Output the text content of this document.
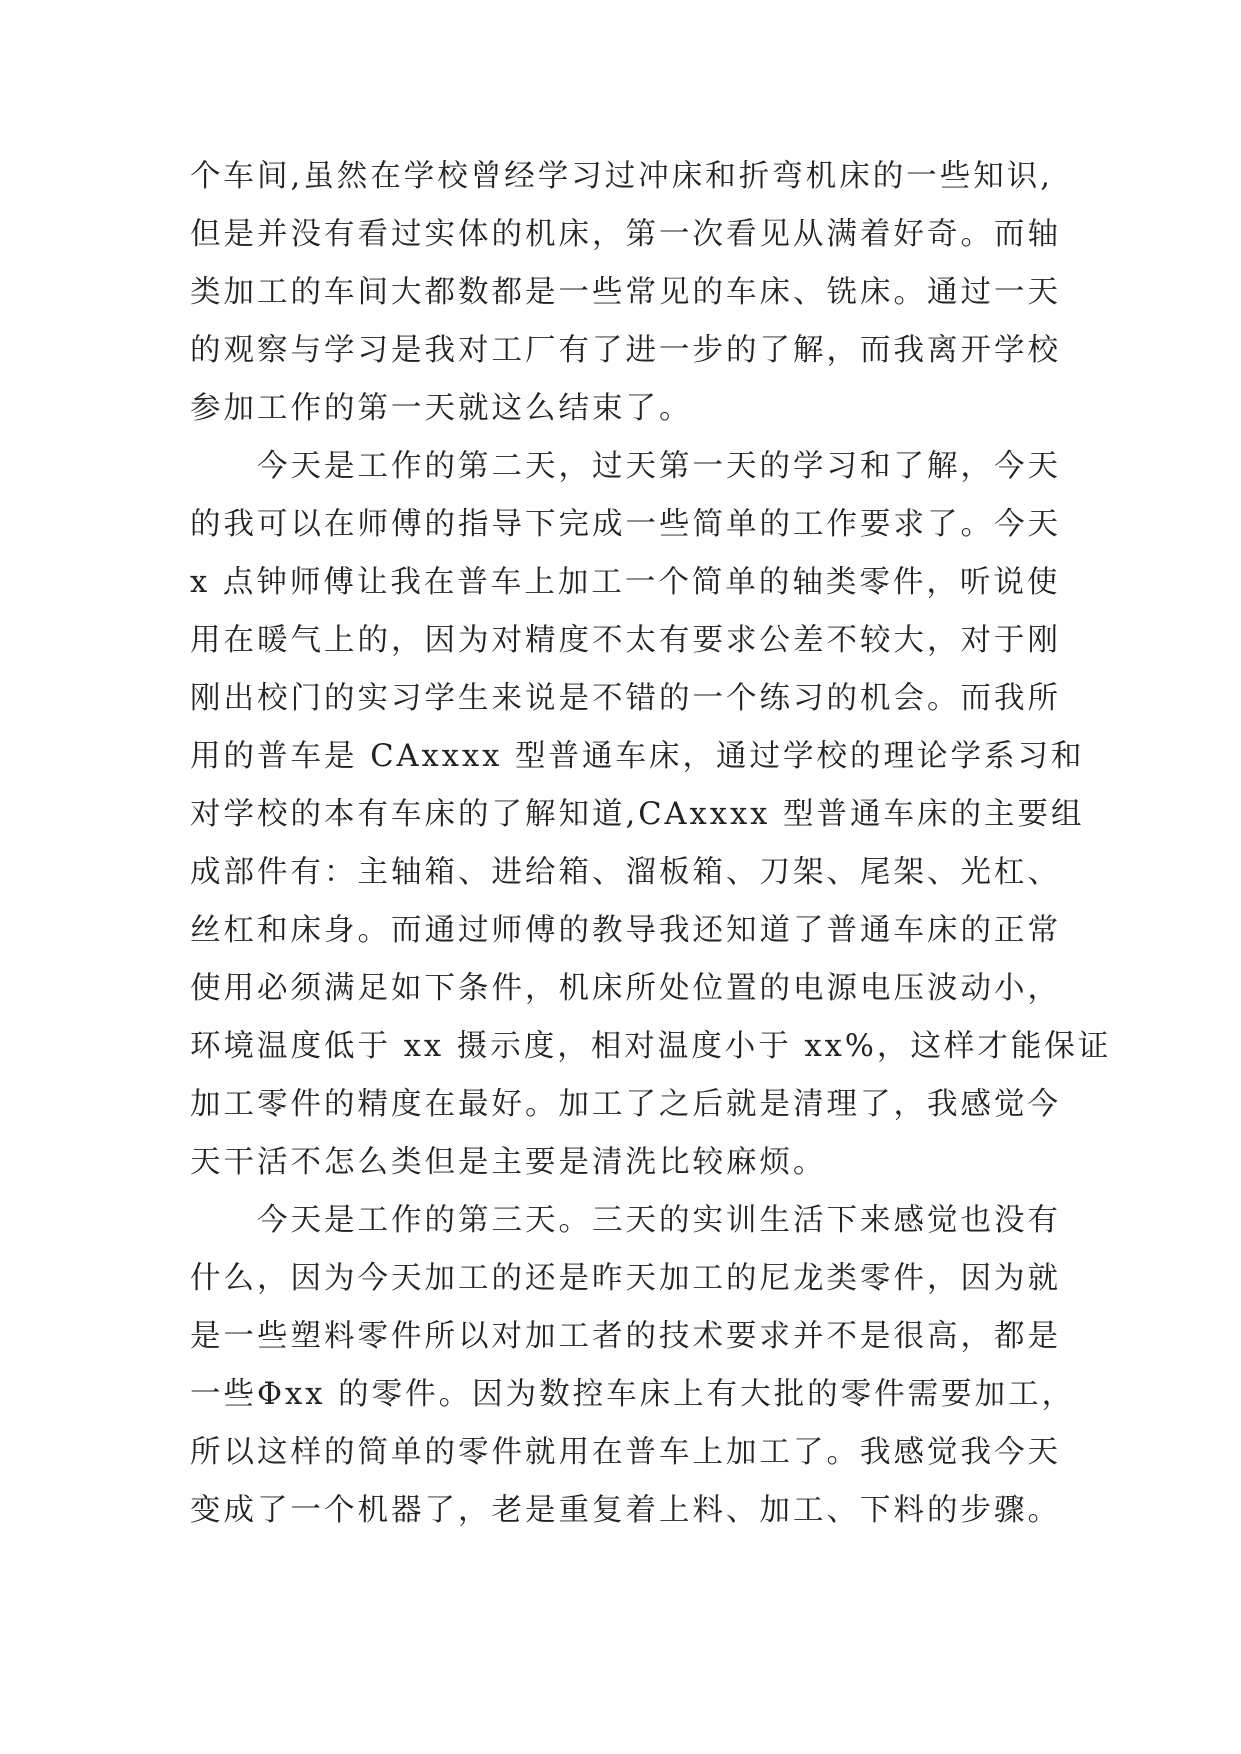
个车间,虽然在学校曾经学习过冲床和折弯机床的一些知识,
但是并没有看过实体的机床，第一次看见从满着好奇。而轴
类加工的车间大都数都是一些常见的车床、铣床。通过一天
的观察与学习是我对工厂有了进一步的了解，而我离开学校
参加工作的第一天就这么结束了。
　　今天是工作的第二天，过天第一天的学习和了解，今天
的我可以在师傅的指导下完成一些简单的工作要求了。今天
x 点钟师傅让我在普车上加工一个简单的轴类零件，听说使
用在暖气上的，因为对精度不太有要求公差不较大，对于刚
刚出校门的实习学生来说是不错的一个练习的机会。而我所
用的普车是 CAxxxx 型普通车床，通过学校的理论学系习和
对学校的本有车床的了解知道,CAxxxx 型普通车床的主要组
成部件有：主轴箱、进给箱、溜板箱、刀架、尾架、光杠、
丝杠和床身。而通过师傅的教导我还知道了普通车床的正常
使用必须满足如下条件，机床所处位置的电源电压波动小，
环境温度低于 xx 摄示度，相对温度小于 xx%，这样才能保证
加工零件的精度在最好。加工了之后就是清理了，我感觉今
天干活不怎么类但是主要是清洗比较麻烦。
　　今天是工作的第三天。三天的实训生活下来感觉也没有
什么，因为今天加工的还是昨天加工的尼龙类零件，因为就
是一些塑料零件所以对加工者的技术要求并不是很高，都是
一些Φxx 的零件。因为数控车床上有大批的零件需要加工，
所以这样的简单的零件就用在普车上加工了。我感觉我今天
变成了一个机器了，老是重复着上料、加工、下料的步骤。
